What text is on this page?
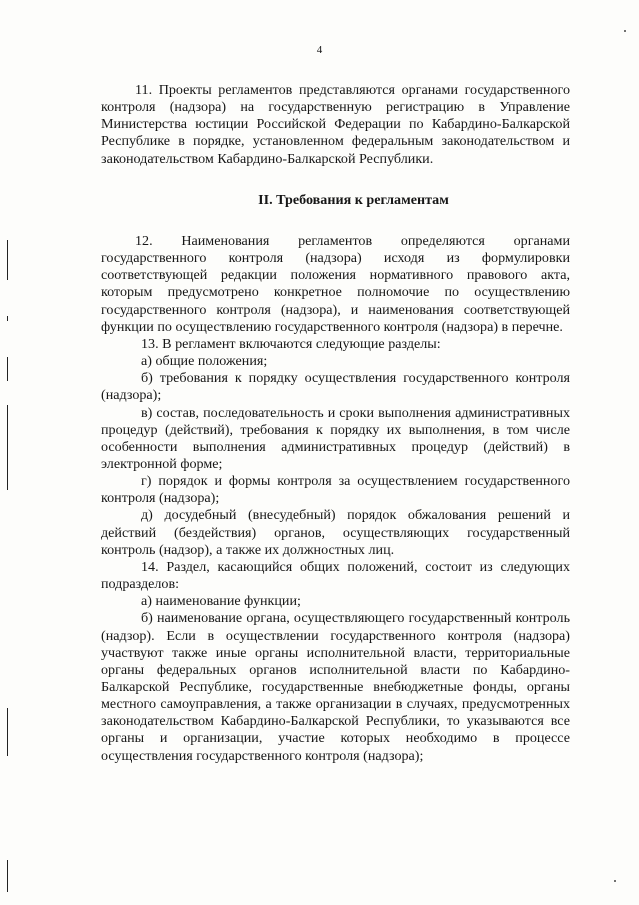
4

11. Проекты регламентов представляются органами государственного контроля (надзора) на государственную регистрацию в Управление Министерства юстиции Российской Федерации по Кабардино-Балкарской Республике в порядке, установленном федеральным законодательством и законодательством Кабардино-Балкарской Республики.

II. Требования к регламентам

12. Наименования регламентов определяются органами государственного контроля (надзора) исходя из формулировки соответствующей редакции положения нормативного правового акта, которым предусмотрено конкретное полномочие по осуществлению государственного контроля (надзора), и наименования соответствующей функции по осуществлению государственного контроля (надзора) в перечне.

13. В регламент включаются следующие разделы:

а) общие положения;

б) требования к порядку осуществления государственного контроля (надзора);

в) состав, последовательность и сроки выполнения административных процедур (действий), требования к порядку их выполнения, в том числе особенности выполнения административных процедур (действий) в электронной форме;

г) порядок и формы контроля за осуществлением государственного контроля (надзора);

д) досудебный (внесудебный) порядок обжалования решений и действий (бездействия) органов, осуществляющих государственный контроль (надзор), а также их должностных лиц.

14. Раздел, касающийся общих положений, состоит из следующих подразделов:

а) наименование функции;

б) наименование органа, осуществляющего государственный контроль (надзор). Если в осуществлении государственного контроля (надзора) участвуют также иные органы исполнительной власти, территориальные органы федеральных органов исполнительной власти по Кабардино-Балкарской Республике, государственные внебюджетные фонды, органы местного самоуправления, а также организации в случаях, предусмотренных законодательством Кабардино-Балкарской Республики, то указываются все органы и организации, участие которых необходимо в процессе осуществления государственного контроля (надзора);
